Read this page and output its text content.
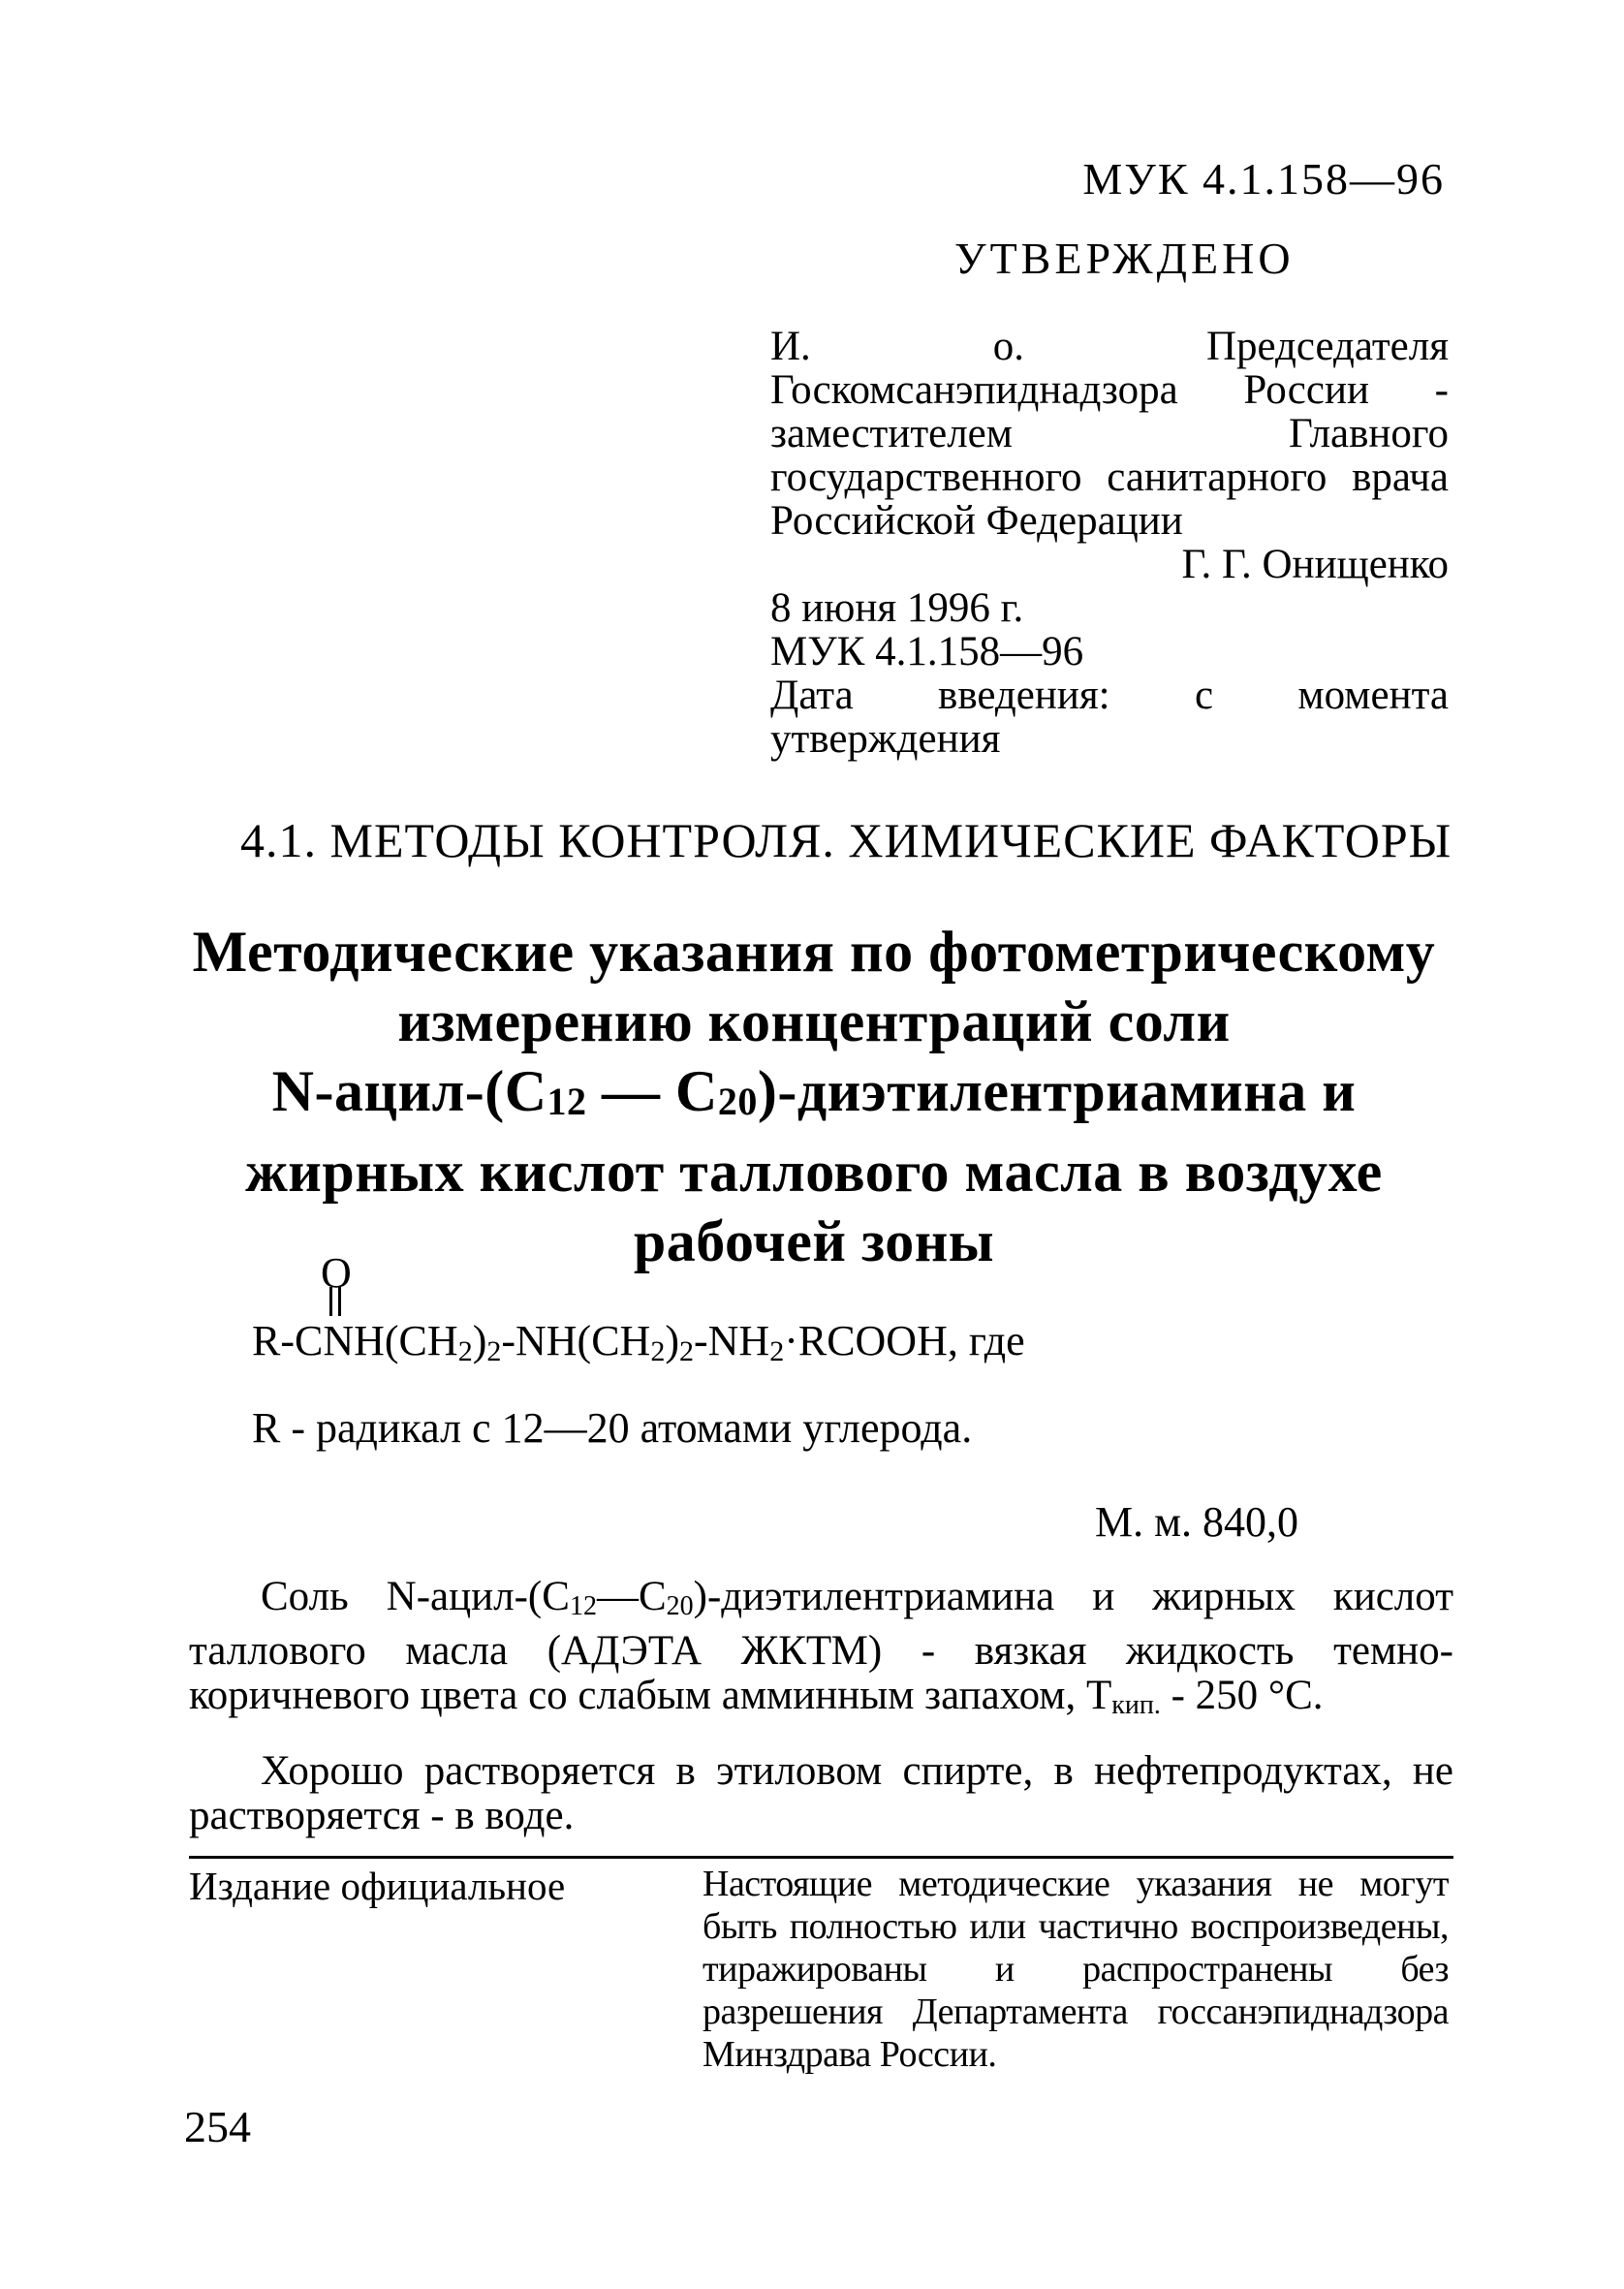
МУК 4.1.158—96
УТВЕРЖДЕНО

И. о. Председателя Госкомсанэпиднадзора России - заместителем Главного государственного санитарного врача Российской Федерации

Г. Г. Онищенко

8 июня 1996 г.

МУК 4.1.158—96

Дата введения: с момента утверждения

4.1. МЕТОДЫ КОНТРОЛЯ. ХИМИЧЕСКИЕ ФАКТОРЫ
Методические указания по фотометрическому
измерению концентраций соли
$N-ацил-(С_{12}$ — $С_{20}$)-диэтилентриамина и
жирных кислот таллового масла в воздухе
рабочей зоны
O
$R-CNH(CH_2)_2-NH(CH_2)_2-NH_2\cdot RCOOH$, где
R - радикал с 12—20 атомами углерода.
М. м. 840,0

Соль $N-ацил-(С_{12}—С_{20})$-диэтилентриамина и жирных кислот таллового масла (АДЭТА ЖКТМ) - вязкая жидкость темно-коричневого цвета со слабым амминным запахом, $Т_{кип.} - 250$ °С.

Хорошо растворяется в этиловом спирте, в нефтепродуктах, не растворяется - в воде.

Издание официальное	Настоящие методические указания не могут быть полностью или частично воспроизведены, тиражированы и распространены без разрешения Департамента госсанэпиднадзора Минздрава России.
254
